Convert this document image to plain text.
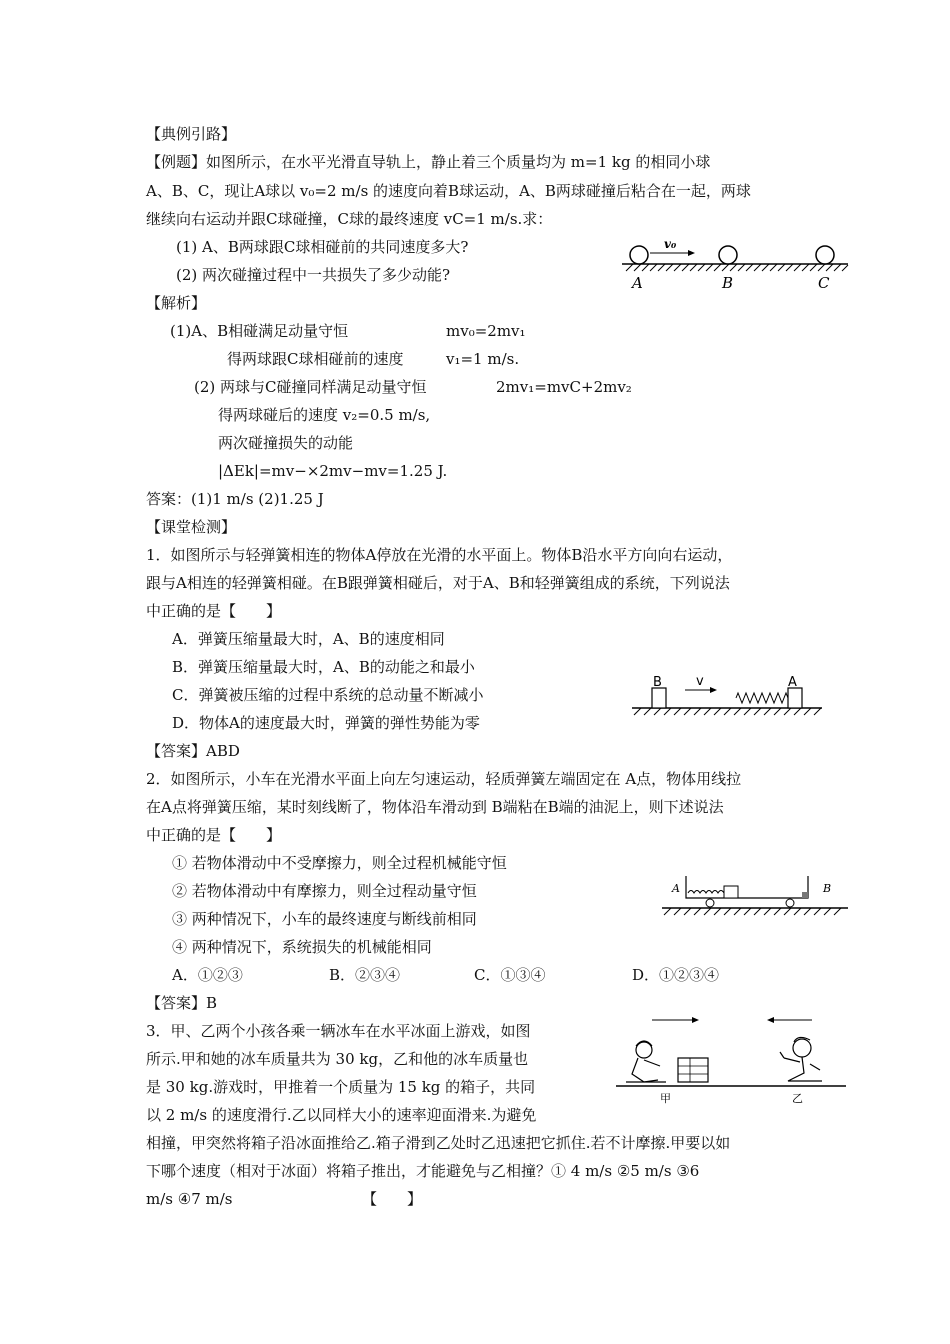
【典例引路】
【例题】如图所示，在水平光滑直导轨上，静止着三个质量均为 m=1 kg 的相同小球
A、B、C，现让A球以 v₀=2 m/s 的速度向着B球运动，A、B两球碰撞后粘合在一起，两球
继续向右运动并跟C球碰撞，C球的最终速度 vC=1 m/s.求：
(1) A、B两球跟C球相碰前的共同速度多大?
(2) 两次碰撞过程中一共损失了多少动能?
v₀
A	B	C
【解析】
(1)A、B相碰满足动量守恒	mv₀=2mv₁
得两球跟C球相碰前的速度	v₁=1 m/s.
(2) 两球与C碰撞同样满足动量守恒	2mv₁=mvC+2mv₂
得两球碰后的速度 v₂=0.5 m/s,
两次碰撞损失的动能
|ΔEk|=mv−×2mv−mv=1.25 J.
答案：(1)1 m/s (2)1.25 J
【课堂检测】
1．如图所示与轻弹簧相连的物体A停放在光滑的水平面上。物体B沿水平方向向右运动，
跟与A相连的轻弹簧相碰。在B跟弹簧相碰后，对于A、B和轻弹簧组成的系统，下列说法
中正确的是【　　】
A．弹簧压缩量最大时，A、B的速度相同
B．弹簧压缩量最大时，A、B的动能之和最小
C．弹簧被压缩的过程中系统的总动量不断减小
D．物体A的速度最大时，弹簧的弹性势能为零
B	v	A
【答案】ABD
2．如图所示，小车在光滑水平面上向左匀速运动，轻质弹簧左端固定在 A点，物体用线拉
在A点将弹簧压缩，某时刻线断了，物体沿车滑动到 B端粘在B端的油泥上，则下述说法
中正确的是【　　】
① 若物体滑动中不受摩擦力，则全过程机械能守恒
② 若物体滑动中有摩擦力，则全过程动量守恒
③ 两种情况下，小车的最终速度与断线前相同
④ 两种情况下，系统损失的机械能相同
A	B
A．①②③	B．②③④	C．①③④	D．①②③④
【答案】B
3．甲、乙两个小孩各乘一辆冰车在水平冰面上游戏，如图
所示.甲和她的冰车质量共为 30 kg，乙和他的冰车质量也
是 30 kg.游戏时，甲推着一个质量为 15 kg 的箱子，共同
以 2 m/s 的速度滑行.乙以同样大小的速率迎面滑来.为避免
相撞，甲突然将箱子沿冰面推给乙.箱子滑到乙处时乙迅速把它抓住.若不计摩擦.甲要以如
下哪个速度（相对于冰面）将箱子推出，才能避免与乙相撞？① 4 m/s ②5 m/s ③6
m/s ④7 m/s	【　　】
甲	乙
